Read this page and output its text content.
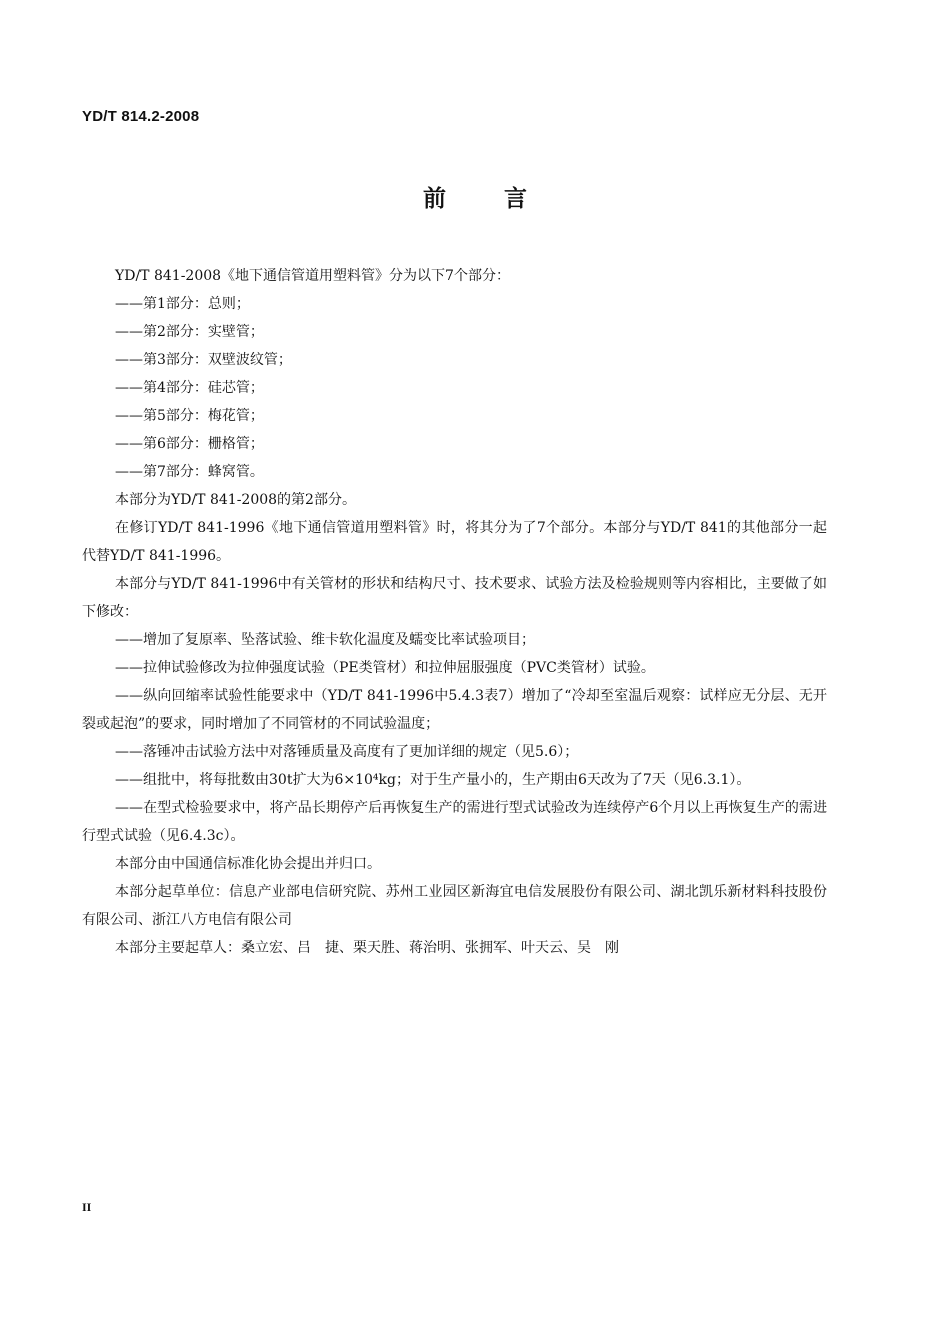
YD/T 814.2-2008
前言

YD/T 841-2008《地下通信管道用塑料管》分为以下7个部分：

——第1部分：总则；

——第2部分：实壁管；

——第3部分：双壁波纹管；

——第4部分：硅芯管；

——第5部分：梅花管；

——第6部分：栅格管；

——第7部分：蜂窝管。

本部分为YD/T 841-2008的第2部分。

在修订YD/T 841-1996《地下通信管道用塑料管》时，将其分为了7个部分。本部分与YD/T 841的其他部分一起代替YD/T 841-1996。

本部分与YD/T 841-1996中有关管材的形状和结构尺寸、技术要求、试验方法及检验规则等内容相比，主要做了如下修改：

——增加了复原率、坠落试验、维卡软化温度及蠕变比率试验项目；

——拉伸试验修改为拉伸强度试验（PE类管材）和拉伸屈服强度（PVC类管材）试验。

——纵向回缩率试验性能要求中（YD/T 841-1996中5.4.3表7）增加了“冷却至室温后观察：试样应无分层、无开裂或起泡”的要求，同时增加了不同管材的不同试验温度；

——落锤冲击试验方法中对落锤质量及高度有了更加详细的规定（见5.6）；

——组批中，将每批数由30t扩大为6×10⁴kg；对于生产量小的，生产期由6天改为了7天（见6.3.1）。

——在型式检验要求中，将产品长期停产后再恢复生产的需进行型式试验改为连续停产6个月以上再恢复生产的需进行型式试验（见6.4.3c）。

本部分由中国通信标准化协会提出并归口。

本部分起草单位：信息产业部电信研究院、苏州工业园区新海宜电信发展股份有限公司、湖北凯乐新材料科技股份有限公司、浙江八方电信有限公司

本部分主要起草人：桑立宏、吕　捷、栗天胜、蒋治明、张拥军、叶天云、吴　刚

II
